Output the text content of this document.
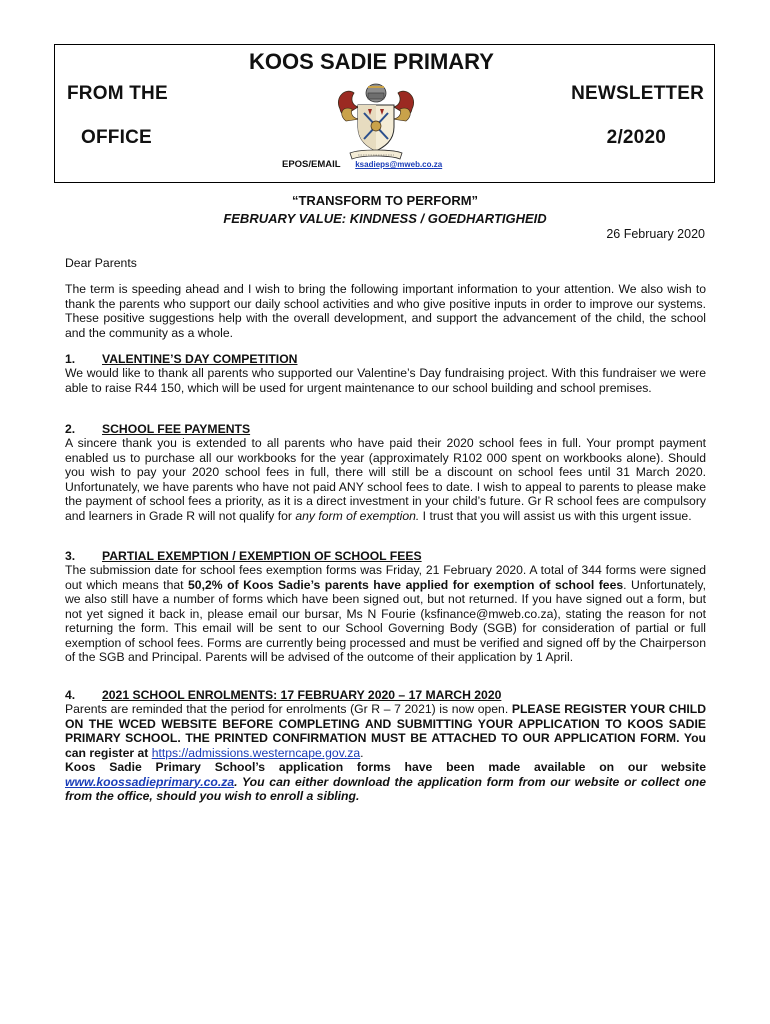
FROM THE
OFFICE
KOOS SADIE PRIMARY
EPOS/EMAIL ksadieps@mweb.co.za
NEWSLETTER
2/2020
“TRANSFORM TO PERFORM”
FEBRUARY VALUE: KINDNESS / GOEDHARTIGHEID
26 February 2020
Dear Parents
The term is speeding ahead and I wish to bring the following important information to your attention. We also wish to thank the parents who support our daily school activities and who give positive inputs in order to improve our systems. These positive suggestions help with the overall development, and support the advancement of the child, the school and the community as a whole.
1. VALENTINE’S DAY COMPETITION
We would like to thank all parents who supported our Valentine’s Day fundraising project. With this fundraiser we were able to raise R44 150, which will be used for urgent maintenance to our school building and school premises.
2. SCHOOL FEE PAYMENTS
A sincere thank you is extended to all parents who have paid their 2020 school fees in full. Your prompt payment enabled us to purchase all our workbooks for the year (approximately R102 000 spent on workbooks alone). Should you wish to pay your 2020 school fees in full, there will still be a discount on school fees until 31 March 2020. Unfortunately, we have parents who have not paid ANY school fees to date. I wish to appeal to parents to please make the payment of school fees a priority, as it is a direct investment in your child’s future. Gr R school fees are compulsory and learners in Grade R will not qualify for any form of exemption. I trust that you will assist us with this urgent issue.
3. PARTIAL EXEMPTION / EXEMPTION OF SCHOOL FEES
The submission date for school fees exemption forms was Friday, 21 February 2020. A total of 344 forms were signed out which means that 50,2% of Koos Sadie’s parents have applied for exemption of school fees. Unfortunately, we also still have a number of forms which have been signed out, but not returned. If you have signed out a form, but not yet signed it back in, please email our bursar, Ms N Fourie (ksfinance@mweb.co.za), stating the reason for not returning the form. This email will be sent to our School Governing Body (SGB) for consideration of partial or full exemption of school fees. Forms are currently being processed and must be verified and signed off by the Chairperson of the SGB and Principal. Parents will be advised of the outcome of their application by 1 April.
4. 2021 SCHOOL ENROLMENTS: 17 FEBRUARY 2020 – 17 MARCH 2020
Parents are reminded that the period for enrolments (Gr R – 7 2021) is now open. PLEASE REGISTER YOUR CHILD ON THE WCED WEBSITE BEFORE COMPLETING AND SUBMITTING YOUR APPLICATION TO KOOS SADIE PRIMARY SCHOOL. THE PRINTED CONFIRMATION MUST BE ATTACHED TO OUR APPLICATION FORM. You can register at https://admissions.westerncape.gov.za.
Koos Sadie Primary School’s application forms have been made available on our website www.koossadieprimary.co.za. You can either download the application form from our website or collect one from the office, should you wish to enroll a sibling.
